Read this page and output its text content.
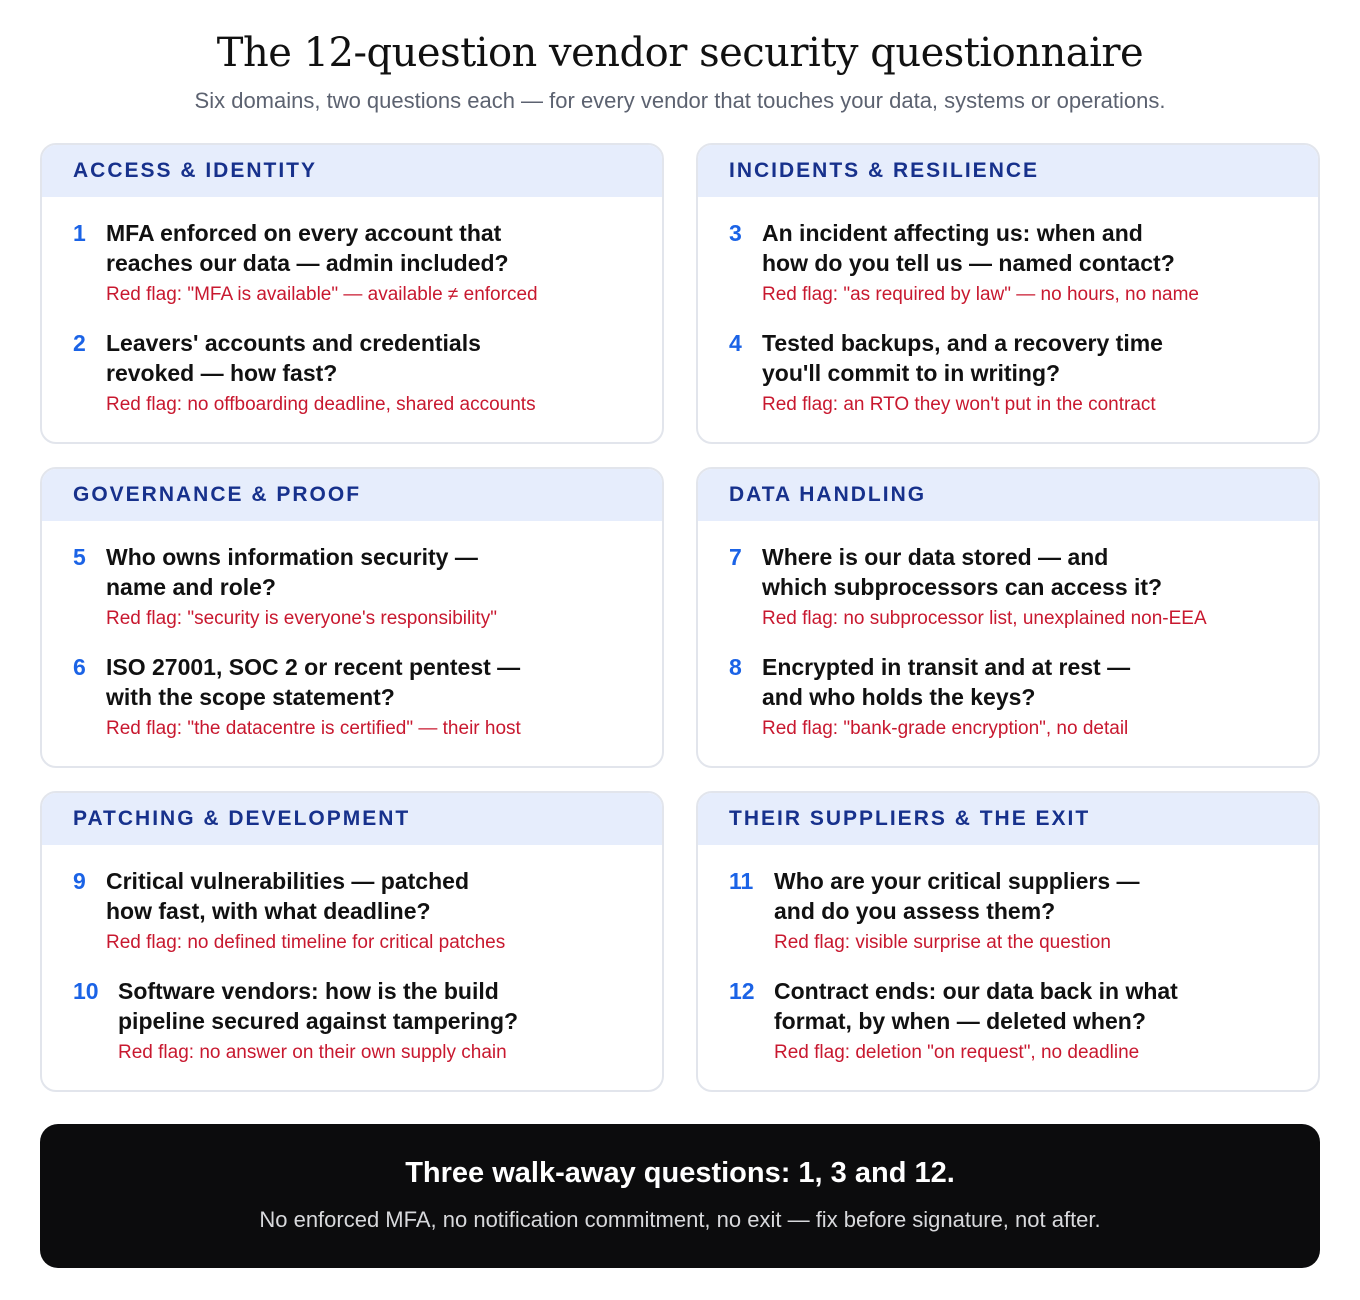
The 12-question vendor security questionnaire
Six domains, two questions each — for every vendor that touches your data, systems or operations.
ACCESS & IDENTITY
1 MFA enforced on every account that
reaches our data — admin included?
Red flag: "MFA is available" — available ≠ enforced
2 Leavers' accounts and credentials
revoked — how fast?
Red flag: no offboarding deadline, shared accounts
INCIDENTS & RESILIENCE
3 An incident affecting us: when and
how do you tell us — named contact?
Red flag: "as required by law" — no hours, no name
4 Tested backups, and a recovery time
you'll commit to in writing?
Red flag: an RTO they won't put in the contract
GOVERNANCE & PROOF
5 Who owns information security —
name and role?
Red flag: "security is everyone's responsibility"
6 ISO 27001, SOC 2 or recent pentest —
with the scope statement?
Red flag: "the datacentre is certified" — their host
DATA HANDLING
7 Where is our data stored — and
which subprocessors can access it?
Red flag: no subprocessor list, unexplained non-EEA
8 Encrypted in transit and at rest —
and who holds the keys?
Red flag: "bank-grade encryption", no detail
PATCHING & DEVELOPMENT
9 Critical vulnerabilities — patched
how fast, with what deadline?
Red flag: no defined timeline for critical patches
10 Software vendors: how is the build
pipeline secured against tampering?
Red flag: no answer on their own supply chain
THEIR SUPPLIERS & THE EXIT
11 Who are your critical suppliers —
and do you assess them?
Red flag: visible surprise at the question
12 Contract ends: our data back in what
format, by when — deleted when?
Red flag: deletion "on request", no deadline
Three walk-away questions: 1, 3 and 12.
No enforced MFA, no notification commitment, no exit — fix before signature, not after.
